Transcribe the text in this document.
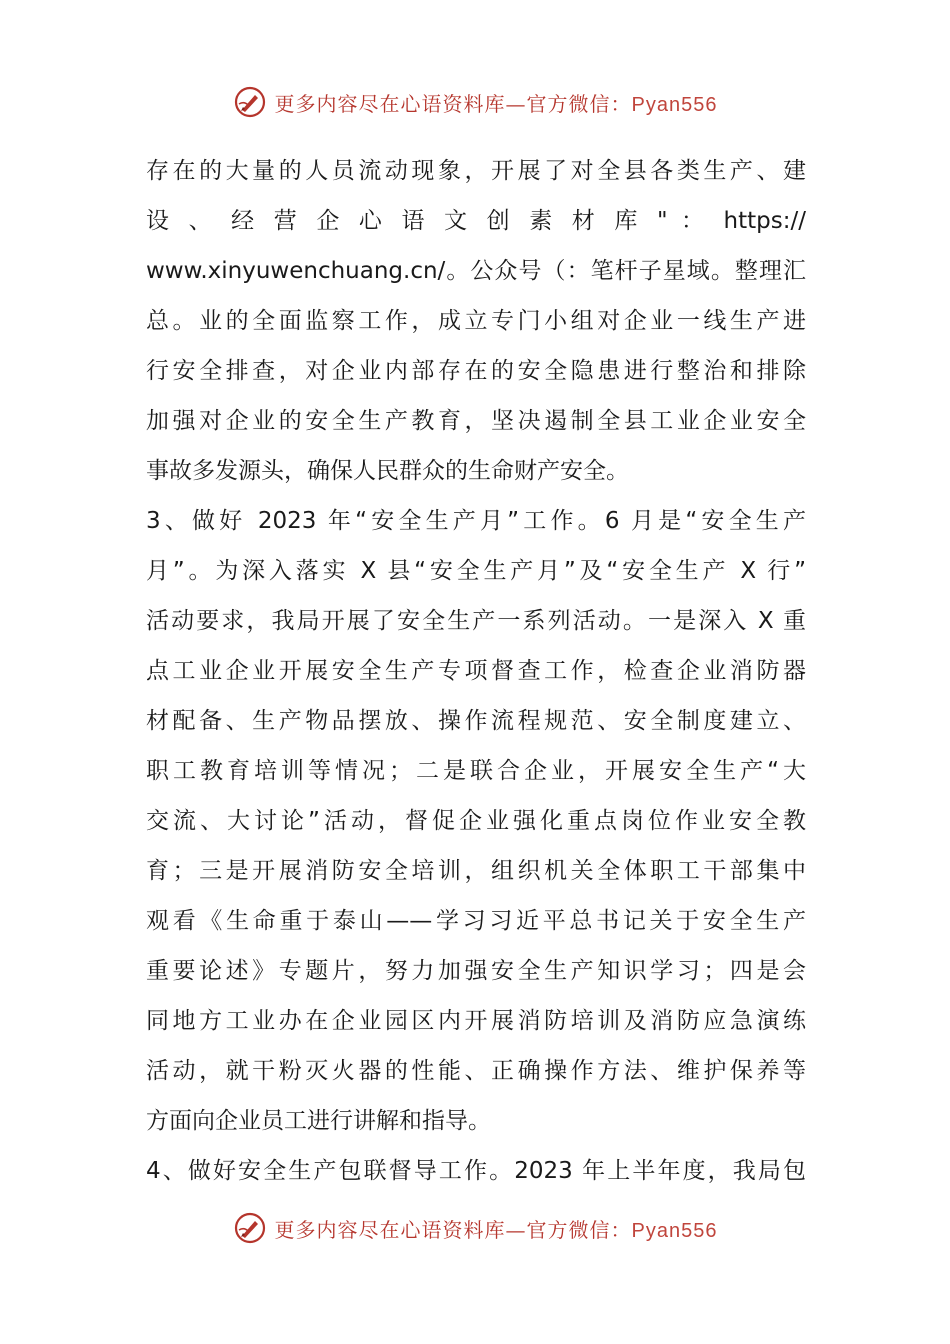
更多内容尽在心语资料库—官方微信：Pyan556
存在的大量的人员流动现象，开展了对全县各类生产、建
设 、 经 营 企 心 语 文 创 素 材 库 " ： https://
www.xinyuwenchuang.cn/。公众号（：笔杆子星域。整理汇
总。业的全面监察工作，成立专门小组对企业一线生产进
行安全排查，对企业内部存在的安全隐患进行整治和排除
加强对企业的安全生产教育，坚决遏制全县工业企业安全
事故多发源头，确保人民群众的生命财产安全。
3、做好 2023 年“安全生产月”工作。6 月是“安全生产
月”。为深入落实 X 县“安全生产月”及“安全生产 X 行”
活动要求，我局开展了安全生产一系列活动。一是深入 X 重
点工业企业开展安全生产专项督查工作，检查企业消防器
材配备、生产物品摆放、操作流程规范、安全制度建立、
职工教育培训等情况；二是联合企业，开展安全生产“大
交流、大讨论”活动，督促企业强化重点岗位作业安全教
育；三是开展消防安全培训，组织机关全体职工干部集中
观看《生命重于泰山——学习习近平总书记关于安全生产
重要论述》专题片，努力加强安全生产知识学习；四是会
同地方工业办在企业园区内开展消防培训及消防应急演练
活动，就干粉灭火器的性能、正确操作方法、维护保养等
方面向企业员工进行讲解和指导。
4、做好安全生产包联督导工作。2023 年上半年度，我局包
更多内容尽在心语资料库—官方微信：Pyan556
